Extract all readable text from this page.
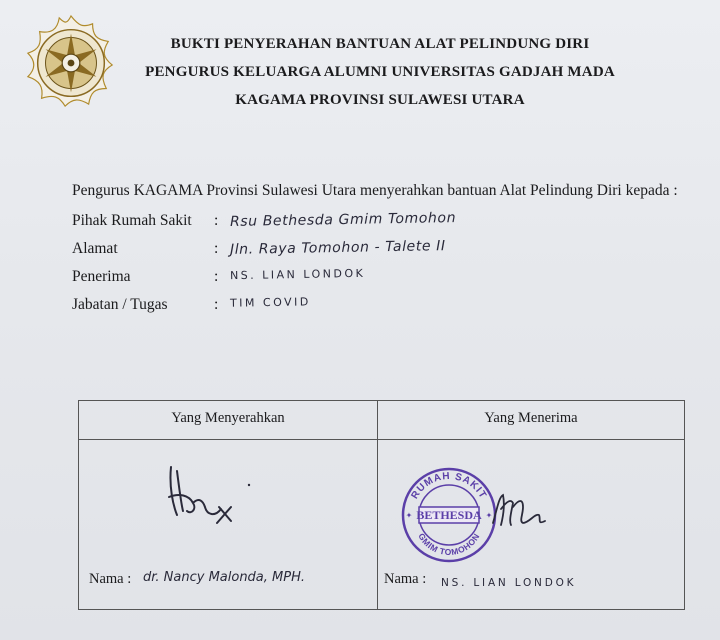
BUKTI PENYERAHAN BANTUAN ALAT PELINDUNG DIRI
PENGURUS KELUARGA ALUMNI UNIVERSITAS GADJAH MADA
KAGAMA PROVINSI SULAWESI UTARA
Pengurus KAGAMA Provinsi Sulawesi Utara menyerahkan bantuan Alat Pelindung Diri kepada :
Pihak Rumah Sakit : Rsu Bethesda Gmim Tomohon
Alamat	: Jln. Raya Tomohon - Talete II
Penerima	: NS. LIAN LONDOK
Jabatan / Tugas	: TIM COVID
Yang Menyerahkan	Yang Menerima
RUMAH SAKIT
GMIM TOMOHON
BETHESDA
✦	✦
Nama : dr. Nancy Malonda, MPH.	Nama : NS. LIAN LONDOK
